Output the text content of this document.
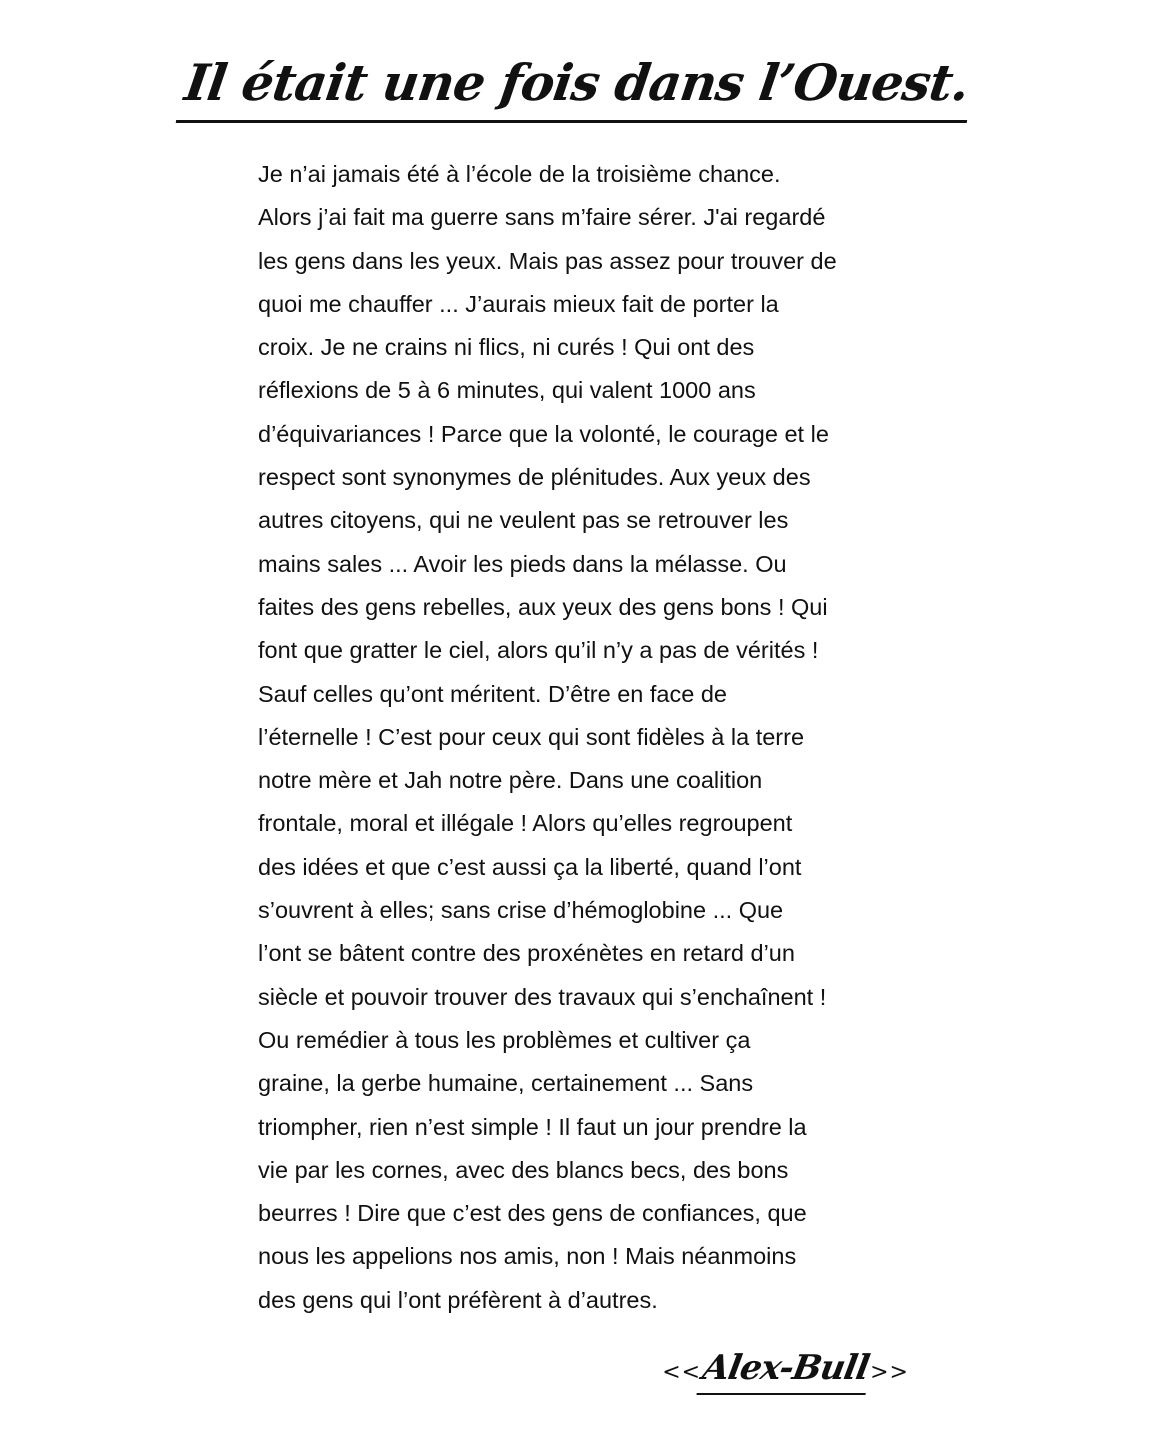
Il était une fois dans l’Ouest.
Je n’ai jamais été à l’école de la troisième chance.
Alors j’ai fait ma guerre sans m’faire sérer. J'ai regardé
les gens dans les yeux. Mais pas assez pour trouver de
quoi me chauffer ... J’aurais mieux fait de porter la
croix. Je ne crains ni flics, ni curés ! Qui ont des
réflexions de 5 à 6 minutes, qui valent 1000 ans
d’équivariances ! Parce que la volonté, le courage et le
respect sont synonymes de plénitudes. Aux yeux des
autres citoyens, qui ne veulent pas se retrouver les
mains sales ... Avoir les pieds dans la mélasse. Ou
faites des gens rebelles, aux yeux des gens bons ! Qui
font que gratter le ciel, alors qu’il n’y a pas de vérités !
Sauf celles qu’ont méritent. D’être en face de
l’éternelle ! C’est pour ceux qui sont fidèles à la terre
notre mère et Jah notre père. Dans une coalition
frontale, moral et illégale ! Alors qu’elles regroupent
des idées et que c’est aussi ça la liberté, quand l’ont
s’ouvrent à elles; sans crise d’hémoglobine ... Que
l’ont se bâtent contre des proxénètes en retard d’un
siècle et pouvoir trouver des travaux qui s’enchaînent !
Ou remédier à tous les problèmes et cultiver ça
graine, la gerbe humaine, certainement ... Sans
triompher, rien n’est simple ! Il faut un jour prendre la
vie par les cornes, avec des blancs becs, des bons
beurres ! Dire que c’est des gens de confiances, que
nous les appelions nos amis, non ! Mais néanmoins
des gens qui l’ont préfèrent à d’autres.
<<Alex-Bull>>
